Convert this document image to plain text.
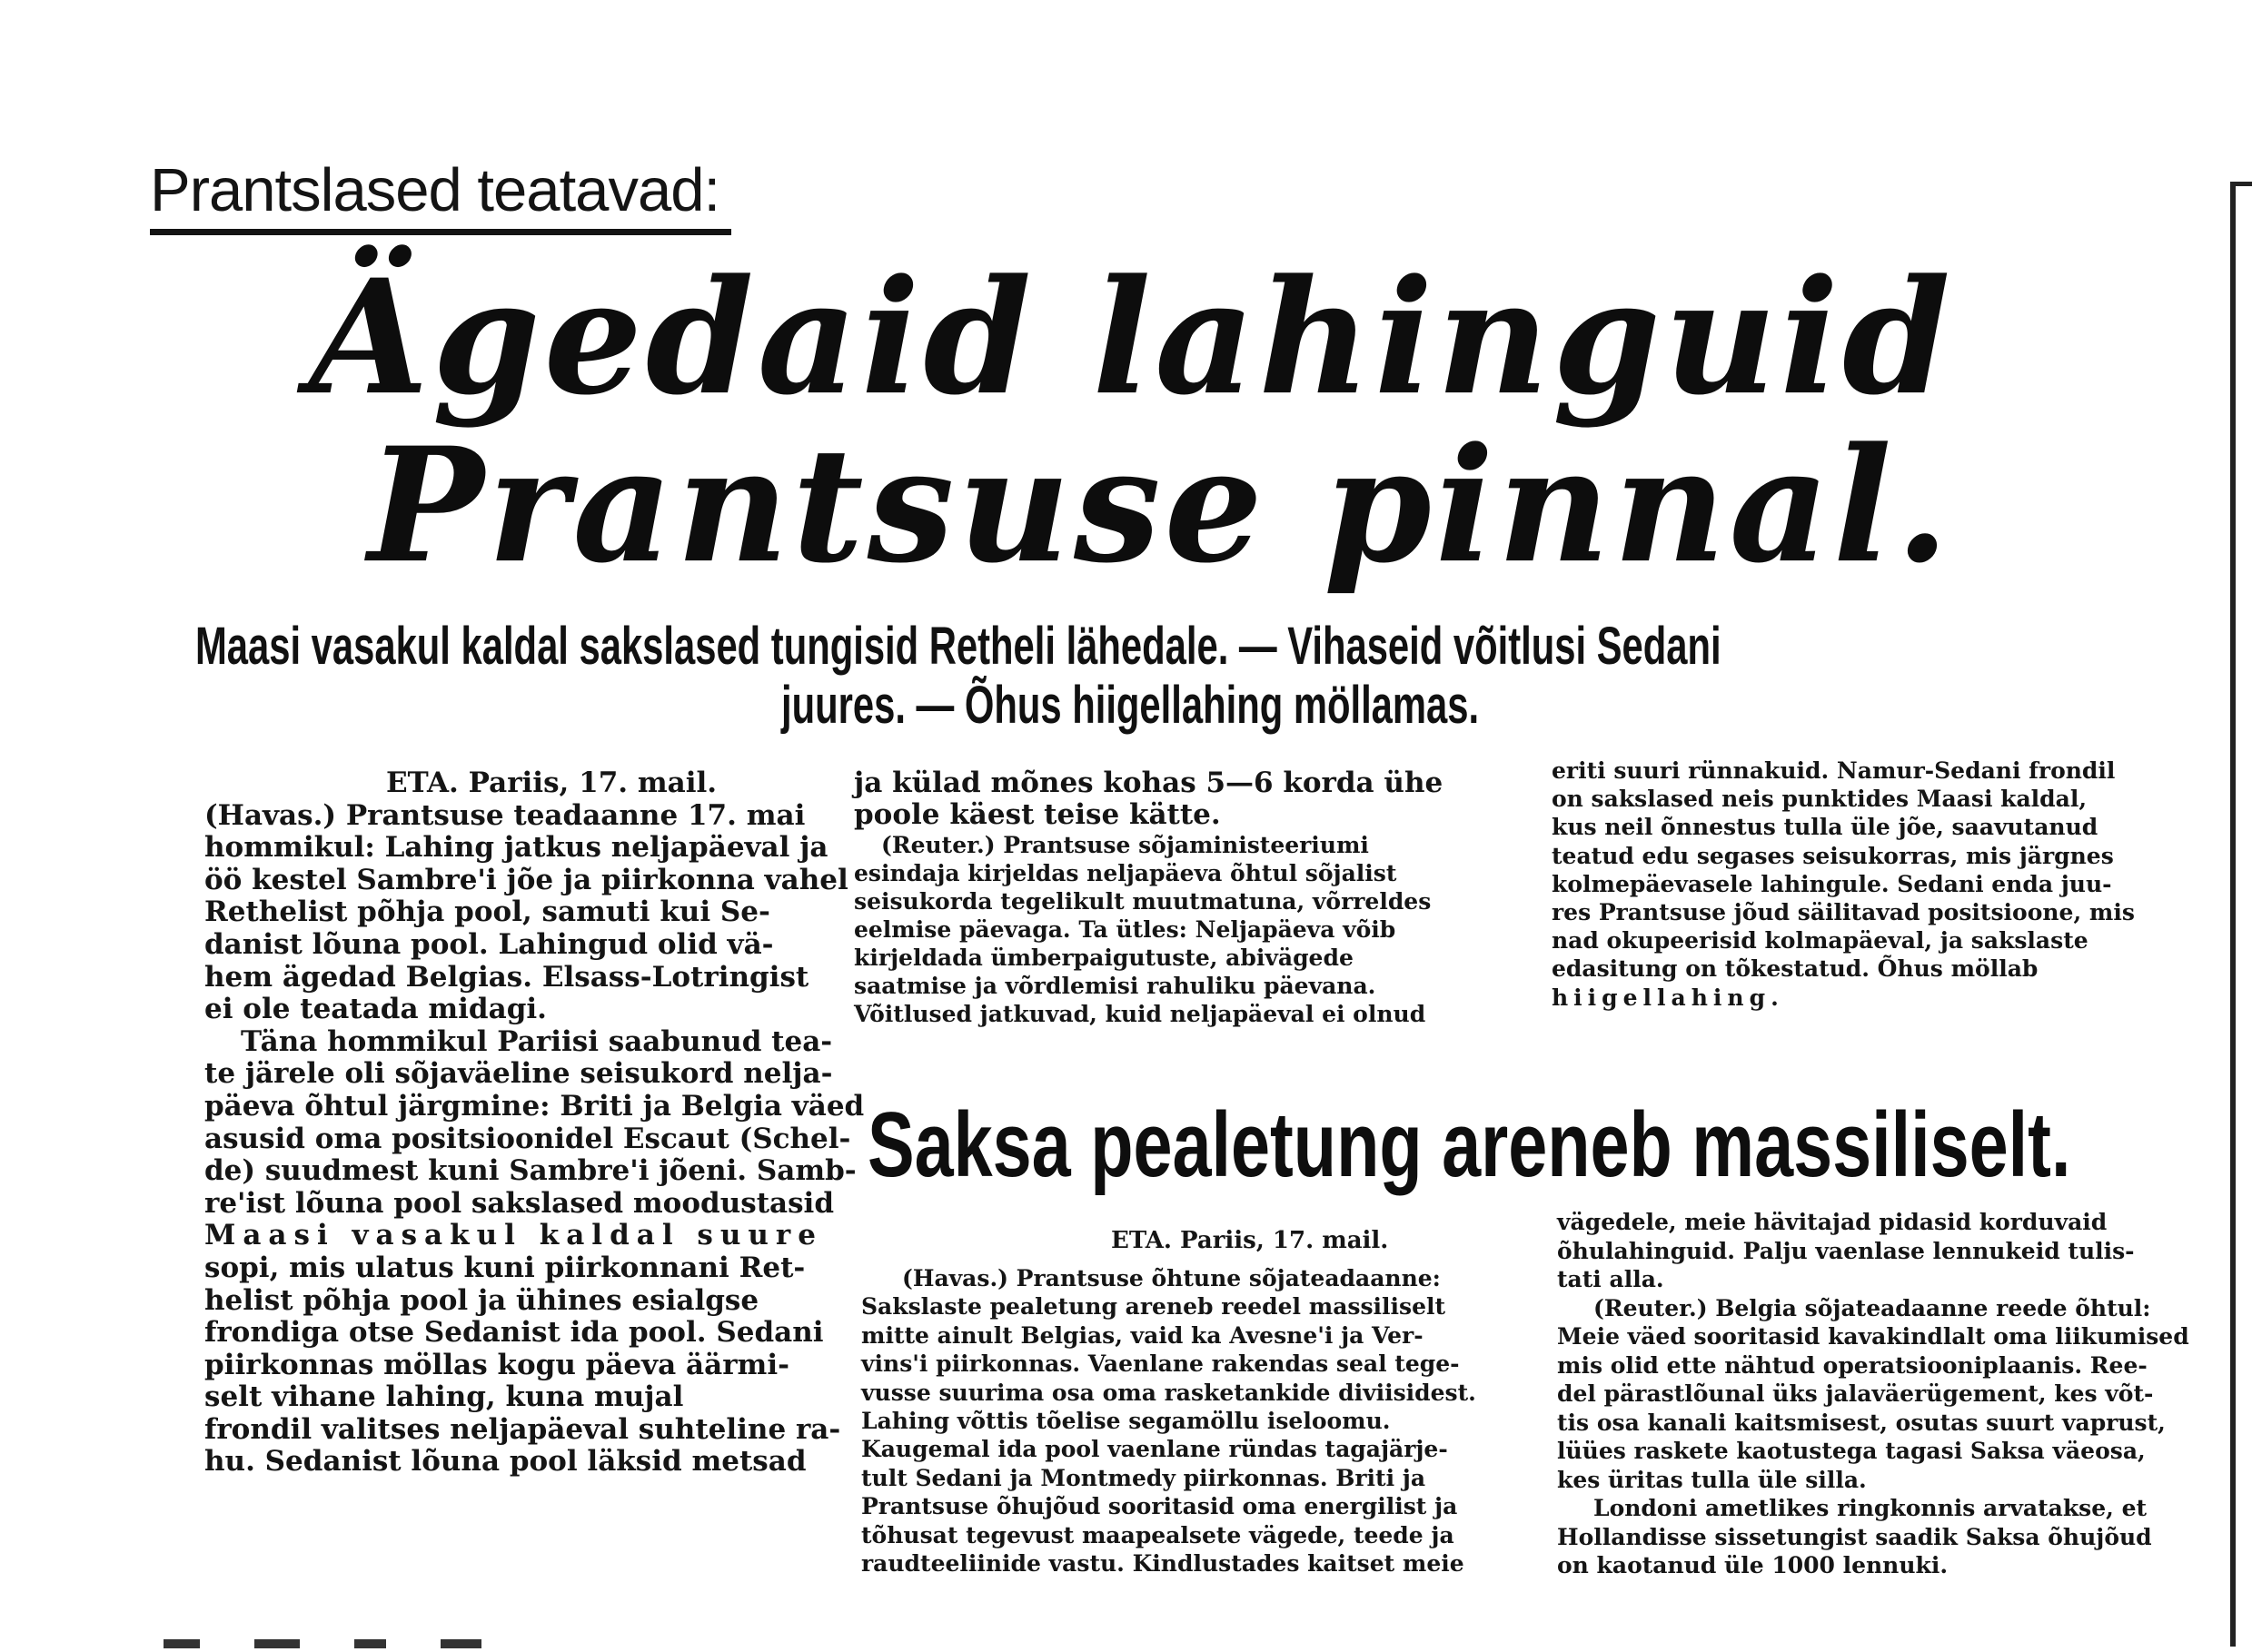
Prantslased teatavad:
Ägedaid lahinguid
Prantsuse pinnal.
Maasi vasakul kaldal sakslased tungisid Retheli lähedale. — Vihaseid võitlusi Sedani
juures. — Õhus hiigellahing möllamas.

ETA. Pariis, 17. mail.

(Havas.) Prantsuse teadaanne 17. mai

hommikul: Lahing jatkus neljapäeval ja

öö kestel Sambre'i jõe ja piirkonna vahel

Rethelist põhja pool, samuti kui Se-

danist lõuna pool. Lahingud olid vä-

hem ägedad Belgias. Elsass-Lotringist

ei ole teatada midagi.

Täna hommikul Pariisi saabunud tea-

te järele oli sõjaväeline seisukord nelja-

päeva õhtul järgmine: Briti ja Belgia väed

asusid oma positsioonidel Escaut (Schel-

de) suudmest kuni Sambre'i jõeni. Samb-

re'ist lõuna pool sakslased moodustasid

Maasi vasakul kaldal suure

sopi, mis ulatus kuni piirkonnani Ret-

helist põhja pool ja ühines esialgse

frondiga otse Sedanist ida pool. Sedani

piirkonnas möllas kogu päeva äärmi-

selt vihane lahing, kuna mujal

frondil valitses neljapäeval suhteline ra-

hu. Sedanist lõuna pool läksid metsad

ja külad mõnes kohas 5—6 korda ühe

poole käest teise kätte.

(Reuter.) Prantsuse sõjaministeeriumi

esindaja kirjeldas neljapäeva õhtul sõjalist

seisukorda tegelikult muutmatuna, võrreldes

eelmise päevaga. Ta ütles: Neljapäeva võib

kirjeldada ümberpaigutuste, abivägede

saatmise ja võrdlemisi rahuliku päevana.

Võitlused jatkuvad, kuid neljapäeval ei olnud

eriti suuri rünnakuid. Namur-Sedani frondil

on sakslased neis punktides Maasi kaldal,

kus neil õnnestus tulla üle jõe, saavutanud

teatud edu segases seisukorras, mis järgnes

kolmepäevasele lahingule. Sedani enda juu-

res Prantsuse jõud säilitavad positsioone, mis

nad okupeerisid kolmapäeval, ja sakslaste

edasitung on tõkestatud. Õhus möllab

hiigellahing.

Saksa pealetung areneb massiliselt.

ETA. Pariis, 17. mail.

(Havas.) Prantsuse õhtune sõjateadaanne:

Sakslaste pealetung areneb reedel massiliselt

mitte ainult Belgias, vaid ka Avesne'i ja Ver-

vins'i piirkonnas. Vaenlane rakendas seal tege-

vusse suurima osa oma rasketankide diviisidest.

Lahing võttis tõelise segamöllu iseloomu.

Kaugemal ida pool vaenlane ründas tagajärje-

tult Sedani ja Montmedy piirkonnas. Briti ja

Prantsuse õhujõud sooritasid oma energilist ja

tõhusat tegevust maapealsete vägede, teede ja

raudteeliinide vastu. Kindlustades kaitset meie

vägedele, meie hävitajad pidasid korduvaid

õhulahinguid. Palju vaenlase lennukeid tulis-

tati alla.

(Reuter.) Belgia sõjateadaanne reede õhtul:

Meie väed sooritasid kavakindlalt oma liikumised

mis olid ette nähtud operatsiooniplaanis. Ree-

del pärastlõunal üks jalaväerügement, kes võt-

tis osa kanali kaitsmisest, osutas suurt vaprust,

lüües raskete kaotustega tagasi Saksa väeosa,

kes üritas tulla üle silla.

Londoni ametlikes ringkonnis arvatakse, et

Hollandisse sissetungist saadik Saksa õhujõud

on kaotanud üle 1000 lennuki.
